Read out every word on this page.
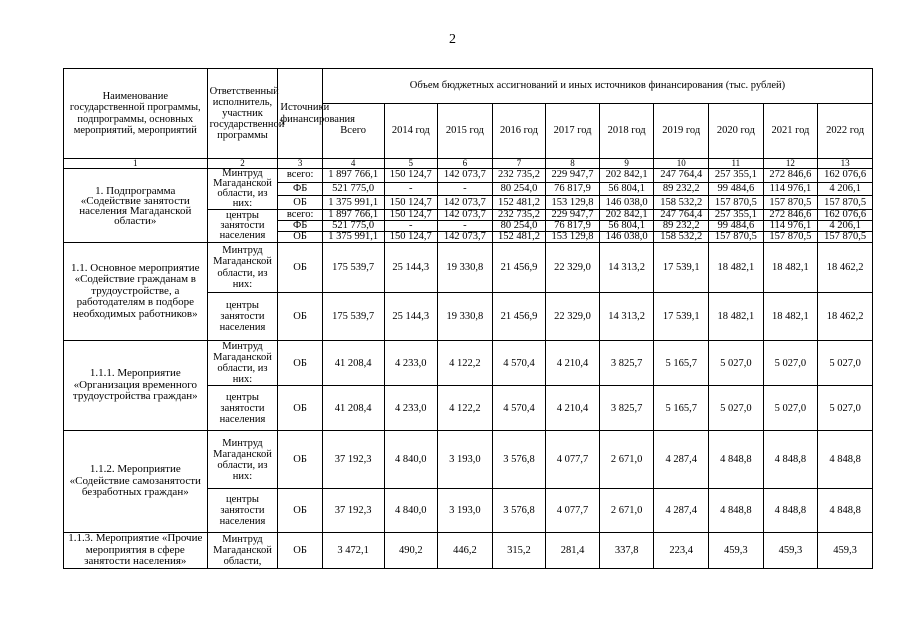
2
Наименование государственной программы, подпрограммы, основных мероприятий, мероприятий	Ответственный исполнитель, участник государственной программы	Источники финансирования	Объем бюджетных ассигнований и иных источников финансирования (тыс. рублей)									
			Всего	2014 год	2015 год	2016 год	2017 год	2018 год	2019 год	2020 год	2021 год	2022 год
1	2	3	4	5	6	7	8	9	10	11	12	13
1. Подпрограмма «Содействие занятости населения Магаданской области»	Минтруд Магаданской области, из них:	всего:	1 897 766,1	150 124,7	142 073,7	232 735,2	229 947,7	202 842,1	247 764,4	257 355,1	272 846,6	162 076,6
		ФБ	521 775,0	-	-	80 254,0	76 817,9	56 804,1	89 232,2	99 484,6	114 976,1	4 206,1
		ОБ	1 375 991,1	150 124,7	142 073,7	152 481,2	153 129,8	146 038,0	158 532,2	157 870,5	157 870,5	157 870,5
	центры занятости населения	всего:	1 897 766,1	150 124,7	142 073,7	232 735,2	229 947,7	202 842,1	247 764,4	257 355,1	272 846,6	162 076,6
		ФБ	521 775,0	-	-	80 254,0	76 817,9	56 804,1	89 232,2	99 484,6	114 976,1	4 206,1
		ОБ	1 375 991,1	150 124,7	142 073,7	152 481,2	153 129,8	146 038,0	158 532,2	157 870,5	157 870,5	157 870,5
1.1. Основное мероприятие «Содействие гражданам в трудоустройстве, а работодателям в подборе необходимых работников»	Минтруд Магаданской области, из них:	ОБ	175 539,7	25 144,3	19 330,8	21 456,9	22 329,0	14 313,2	17 539,1	18 482,1	18 482,1	18 462,2
	центры занятости населения	ОБ	175 539,7	25 144,3	19 330,8	21 456,9	22 329,0	14 313,2	17 539,1	18 482,1	18 482,1	18 462,2
1.1.1. Мероприятие «Организация временного трудоустройства граждан»	Минтруд Магаданской области, из них:	ОБ	41 208,4	4 233,0	4 122,2	4 570,4	4 210,4	3 825,7	5 165,7	5 027,0	5 027,0	5 027,0
	центры занятости населения	ОБ	41 208,4	4 233,0	4 122,2	4 570,4	4 210,4	3 825,7	5 165,7	5 027,0	5 027,0	5 027,0
1.1.2. Мероприятие «Содействие самозанятости безработных граждан»	Минтруд Магаданской области, из них:	ОБ	37 192,3	4 840,0	3 193,0	3 576,8	4 077,7	2 671,0	4 287,4	4 848,8	4 848,8	4 848,8
	центры занятости населения	ОБ	37 192,3	4 840,0	3 193,0	3 576,8	4 077,7	2 671,0	4 287,4	4 848,8	4 848,8	4 848,8
1.1.3. Мероприятие «Прочие мероприятия в сфере занятости населения»	Минтруд Магаданской области,	ОБ	3 472,1	490,2	446,2	315,2	281,4	337,8	223,4	459,3	459,3	459,3
